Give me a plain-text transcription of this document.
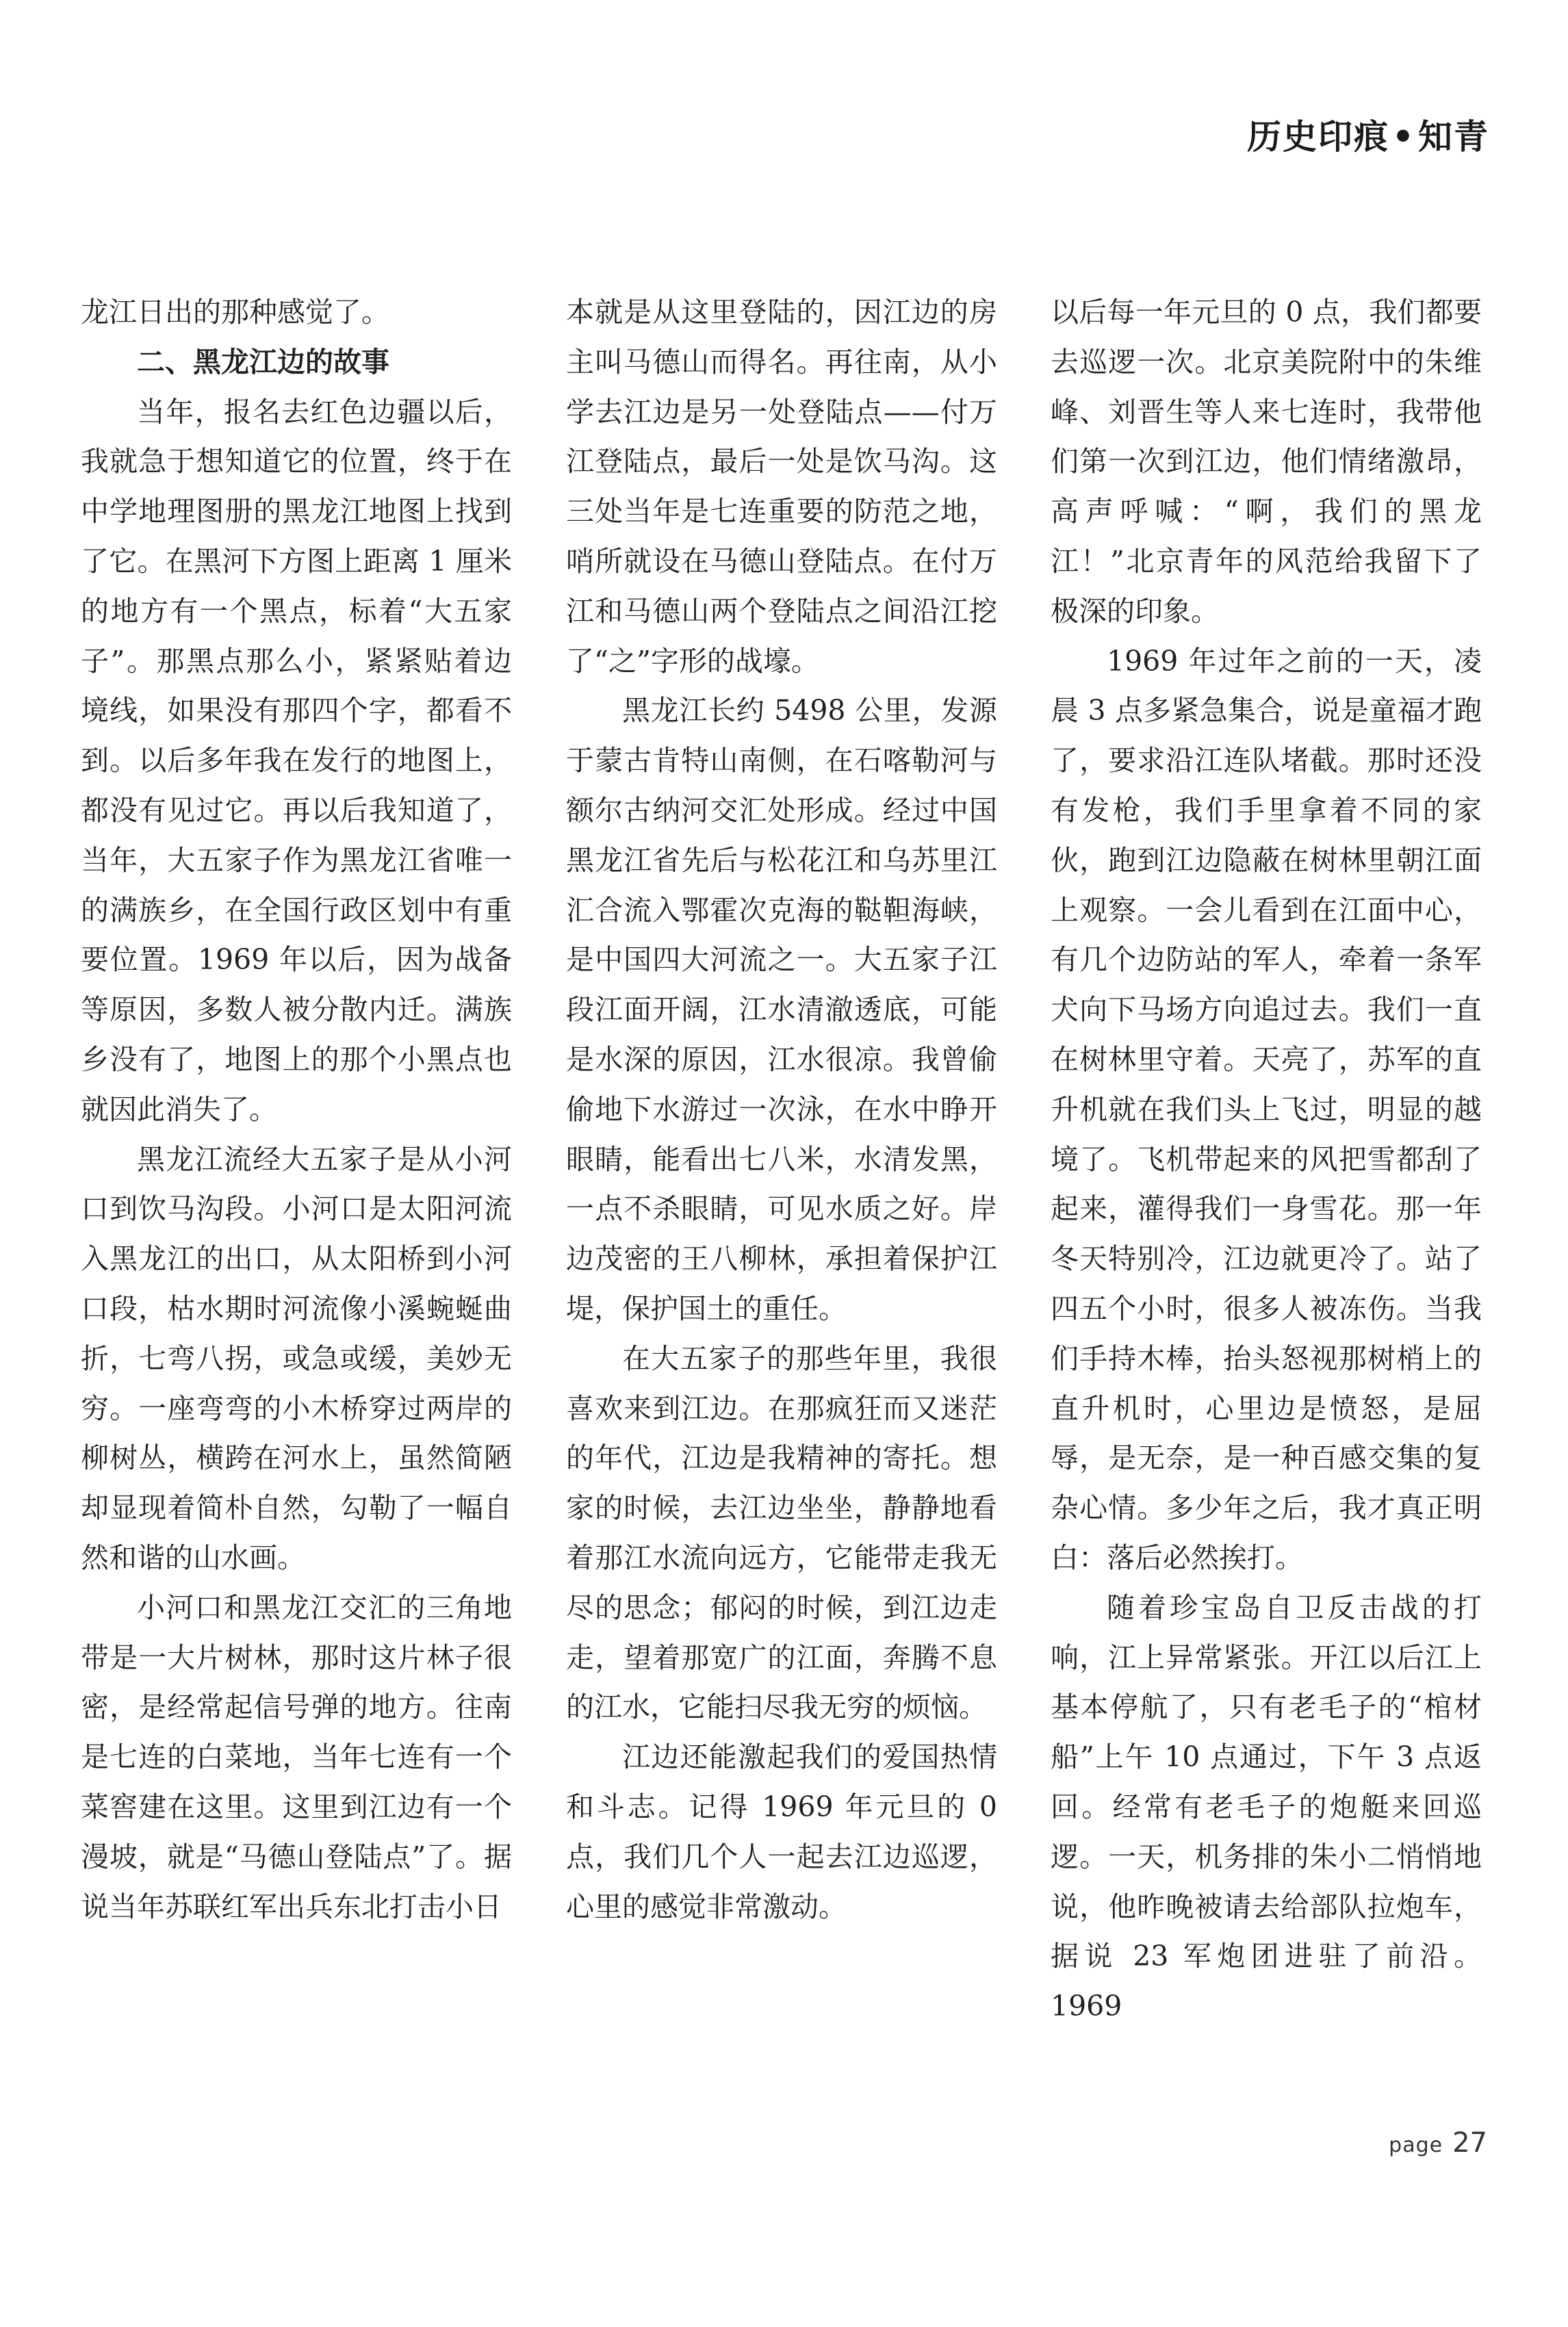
历史印痕•知青

龙江日出的那种感觉了。

二、黑龙江边的故事

当年，报名去红色边疆以后，我就急于想知道它的位置，终于在中学地理图册的黑龙江地图上找到了它。在黑河下方图上距离 1 厘米的地方有一个黑点，标着“大五家子”。那黑点那么小，紧紧贴着边境线，如果没有那四个字，都看不到。以后多年我在发行的地图上，都没有见过它。再以后我知道了，当年，大五家子作为黑龙江省唯一的满族乡，在全国行政区划中有重要位置。1969 年以后，因为战备等原因，多数人被分散内迁。满族乡没有了，地图上的那个小黑点也就因此消失了。

黑龙江流经大五家子是从小河口到饮马沟段。小河口是太阳河流入黑龙江的出口，从太阳桥到小河口段，枯水期时河流像小溪蜿蜒曲折，七弯八拐，或急或缓，美妙无穷。一座弯弯的小木桥穿过两岸的柳树丛，横跨在河水上，虽然简陋却显现着简朴自然，勾勒了一幅自然和谐的山水画。

小河口和黑龙江交汇的三角地带是一大片树林，那时这片林子很密，是经常起信号弹的地方。往南是七连的白菜地，当年七连有一个菜窖建在这里。这里到江边有一个漫坡，就是“马德山登陆点”了。据说当年苏联红军出兵东北打击小日

本就是从这里登陆的，因江边的房主叫马德山而得名。再往南，从小学去江边是另一处登陆点——付万江登陆点，最后一处是饮马沟。这三处当年是七连重要的防范之地，哨所就设在马德山登陆点。在付万江和马德山两个登陆点之间沿江挖了“之”字形的战壕。

黑龙江长约 5498 公里，发源于蒙古肯特山南侧，在石喀勒河与额尔古纳河交汇处形成。经过中国黑龙江省先后与松花江和乌苏里江汇合流入鄂霍次克海的鞑靼海峡，是中国四大河流之一。大五家子江段江面开阔，江水清澈透底，可能是水深的原因，江水很凉。我曾偷偷地下水游过一次泳，在水中睁开眼睛，能看出七八米，水清发黑，一点不杀眼睛，可见水质之好。岸边茂密的王八柳林，承担着保护江堤，保护国土的重任。

在大五家子的那些年里，我很喜欢来到江边。在那疯狂而又迷茫的年代，江边是我精神的寄托。想家的时候，去江边坐坐，静静地看着那江水流向远方，它能带走我无尽的思念；郁闷的时候，到江边走走，望着那宽广的江面，奔腾不息的江水，它能扫尽我无穷的烦恼。

江边还能激起我们的爱国热情和斗志。记得 1969 年元旦的 0 点，我们几个人一起去江边巡逻，心里的感觉非常激动。

以后每一年元旦的 0 点，我们都要去巡逻一次。北京美院附中的朱维峰、刘晋生等人来七连时，我带他们第一次到江边，他们情绪激昂，高声呼喊：“啊，我们的黑龙江！”北京青年的风范给我留下了极深的印象。

1969 年过年之前的一天，凌晨 3 点多紧急集合，说是童福才跑了，要求沿江连队堵截。那时还没有发枪，我们手里拿着不同的家伙，跑到江边隐蔽在树林里朝江面上观察。一会儿看到在江面中心，有几个边防站的军人，牵着一条军犬向下马场方向追过去。我们一直在树林里守着。天亮了，苏军的直升机就在我们头上飞过，明显的越境了。飞机带起来的风把雪都刮了起来，灌得我们一身雪花。那一年冬天特别冷，江边就更冷了。站了四五个小时，很多人被冻伤。当我们手持木棒，抬头怒视那树梢上的直升机时，心里边是愤怒，是屈辱，是无奈，是一种百感交集的复杂心情。多少年之后，我才真正明白：落后必然挨打。

随着珍宝岛自卫反击战的打响，江上异常紧张。开江以后江上基本停航了，只有老毛子的“棺材船”上午 10 点通过，下午 3 点返回。经常有老毛子的炮艇来回巡逻。一天，机务排的朱小二悄悄地说，他昨晚被请去给部队拉炮车，据说 23 军炮团进驻了前沿。1969

page 27
